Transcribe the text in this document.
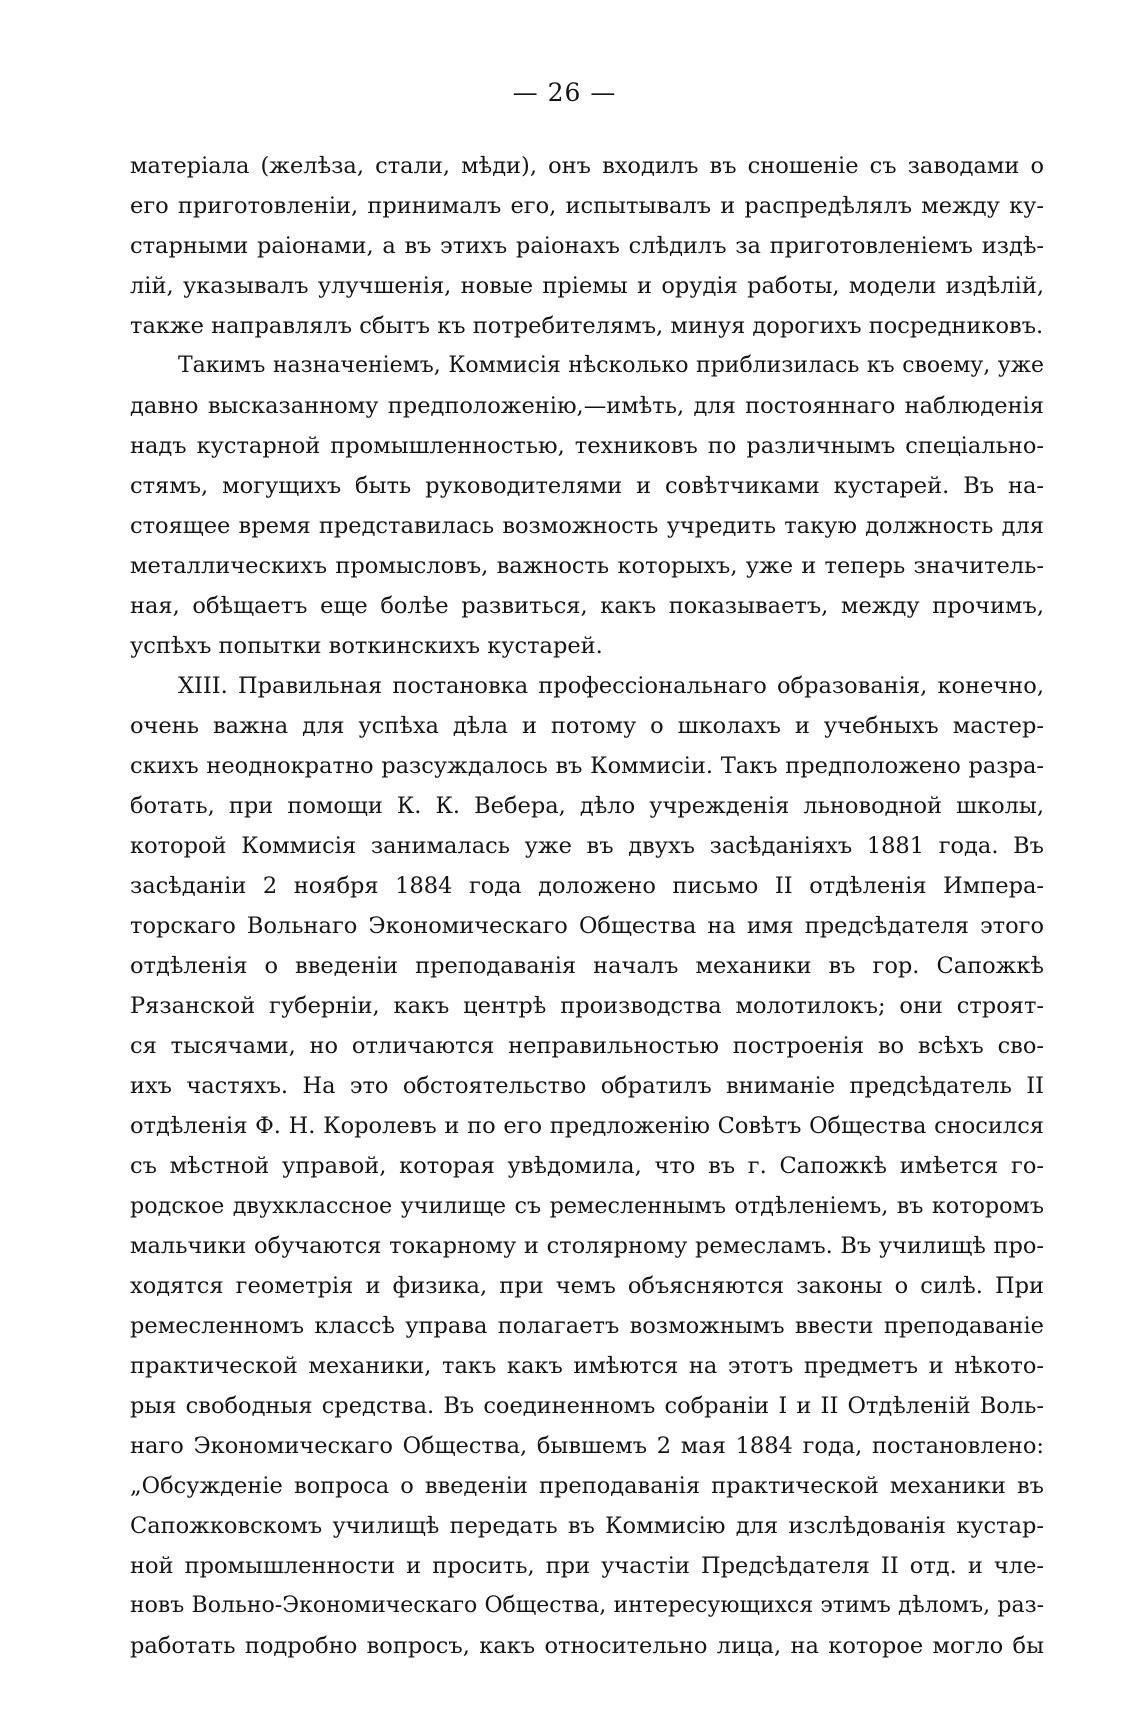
— 26 —
матеріала (желѣза, стали, мѣди), онъ входилъ въ сношеніе съ заводами о
его приготовленіи, принималъ его, испытывалъ и распредѣлялъ между ку-
старными раіонами, а въ этихъ раіонахъ слѣдилъ за приготовленіемъ издѣ-
лій, указывалъ улучшенія, новые пріемы и орудія работы, модели издѣлій,
также направлялъ сбытъ къ потребителямъ, минуя дорогихъ посредниковъ.
Такимъ назначеніемъ, Коммисія нѣсколько приблизилась къ своему, уже
давно высказанному предположенію,—имѣть, для постояннаго наблюденія
надъ кустарной промышленностью, техниковъ по различнымъ спеціально-
стямъ, могущихъ быть руководителями и совѣтчиками кустарей. Въ на-
стоящее время представилась возможность учредить такую должность для
металлическихъ промысловъ, важность которыхъ, уже и теперь значитель-
ная, обѣщаетъ еще болѣе развиться, какъ показываетъ, между прочимъ,
успѣхъ попытки воткинскихъ кустарей.
XIII. Правильная постановка профессіональнаго образованія, конечно,
очень важна для успѣха дѣла и потому о школахъ и учебныхъ мастер-
скихъ неоднократно разсуждалось въ Коммисіи. Такъ предположено разра-
ботать, при помощи К. К. Вебера, дѣло учрежденія льноводной школы,
которой Коммисія занималась уже въ двухъ засѣданіяхъ 1881 года. Въ
засѣданіи 2 ноября 1884 года доложено письмо II отдѣленія Импера-
торскаго Вольнаго Экономическаго Общества на имя предсѣдателя этого
отдѣленія о введеніи преподаванія началъ механики въ гор. Сапожкѣ
Рязанской губерніи, какъ центрѣ производства молотилокъ; они строят-
ся тысячами, но отличаются неправильностью построенія во всѣхъ сво-
ихъ частяхъ. На это обстоятельство обратилъ вниманіе предсѣдатель II
отдѣленія Ф. Н. Королевъ и по его предложенію Совѣтъ Общества сносился
съ мѣстной управой, которая увѣдомила, что въ г. Сапожкѣ имѣется го-
родское двухклассное училище съ ремесленнымъ отдѣленіемъ, въ которомъ
мальчики обучаются токарному и столярному ремесламъ. Въ училищѣ про-
ходятся геометрія и физика, при чемъ объясняются законы о силѣ. При
ремесленномъ классѣ управа полагаетъ возможнымъ ввести преподаваніе
практической механики, такъ какъ имѣются на этотъ предметъ и нѣкото-
рыя свободныя средства. Въ соединенномъ собраніи I и II Отдѣленій Воль-
наго Экономическаго Общества, бывшемъ 2 мая 1884 года, постановлено:
„Обсужденіе вопроса о введеніи преподаванія практической механики въ
Сапожковскомъ училищѣ передать въ Коммисію для изслѣдованія кустар-
ной промышленности и просить, при участіи Предсѣдателя II отд. и чле-
новъ Вольно-Экономическаго Общества, интересующихся этимъ дѣломъ, раз-
работать подробно вопросъ, какъ относительно лица, на которое могло бы
